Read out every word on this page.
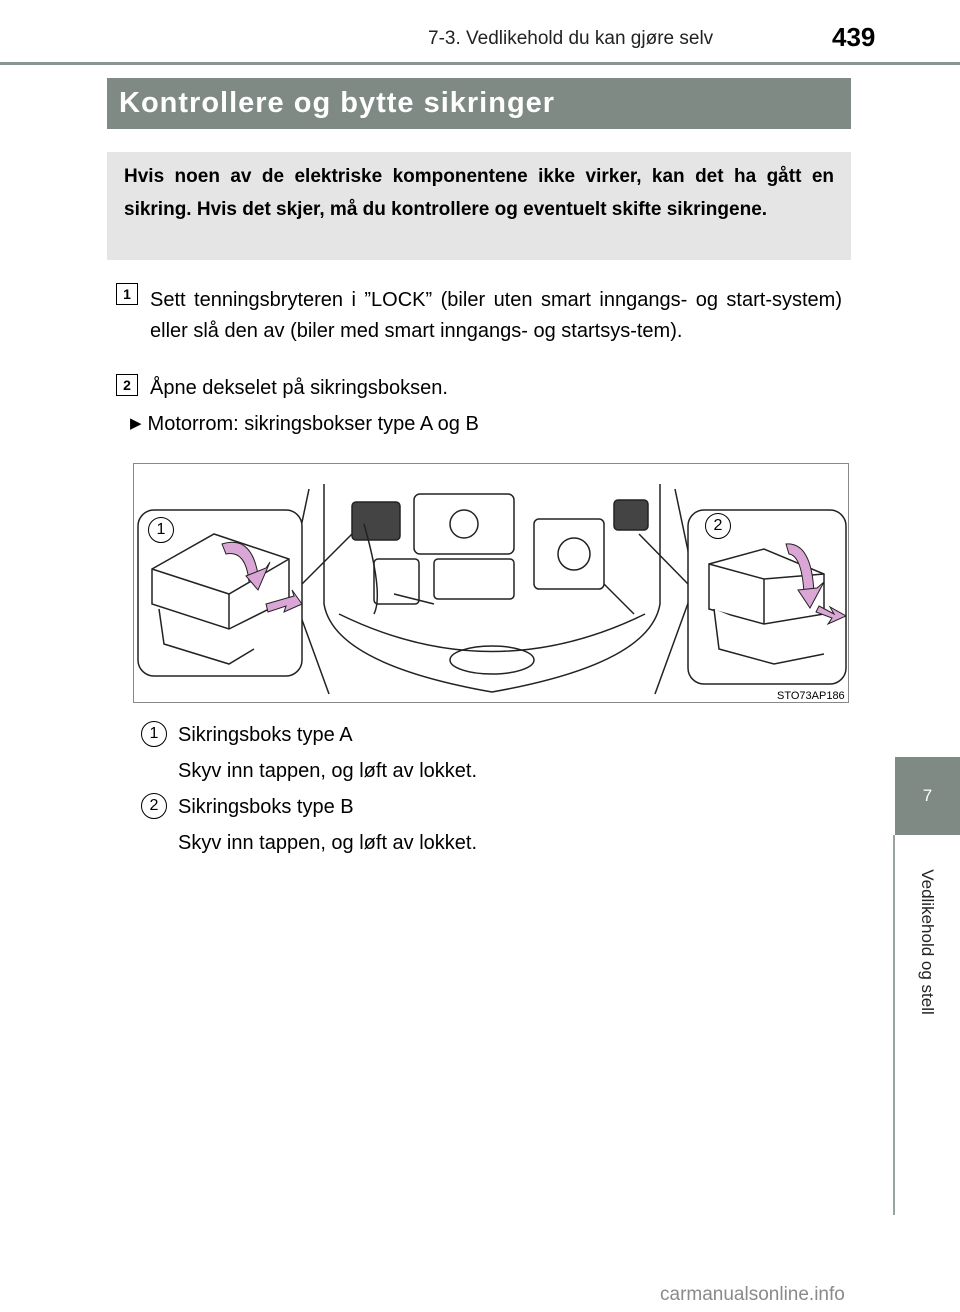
7-3. Vedlikehold du kan gjøre selv	439
Kontrollere og bytte sikringer
Hvis noen av de elektriske komponentene ikke virker, kan det ha gått en sikring. Hvis det skjer, må du kontrollere og eventuelt skifte sikringene.
1 Sett tenningsbryteren i ”LOCK” (biler uten smart inngangs- og start-system) eller slå den av (biler med smart inngangs- og startsys-tem).
2 Åpne dekselet på sikringsboksen.
▶ Motorrom: sikringsbokser type A og B
1	2
STO73AP186
1 Sikringsboks type A
Skyv inn tappen, og løft av lokket.
2 Sikringsboks type B
Skyv inn tappen, og løft av lokket.
7
Vedlikehold og stell
carmanualsonline.info
